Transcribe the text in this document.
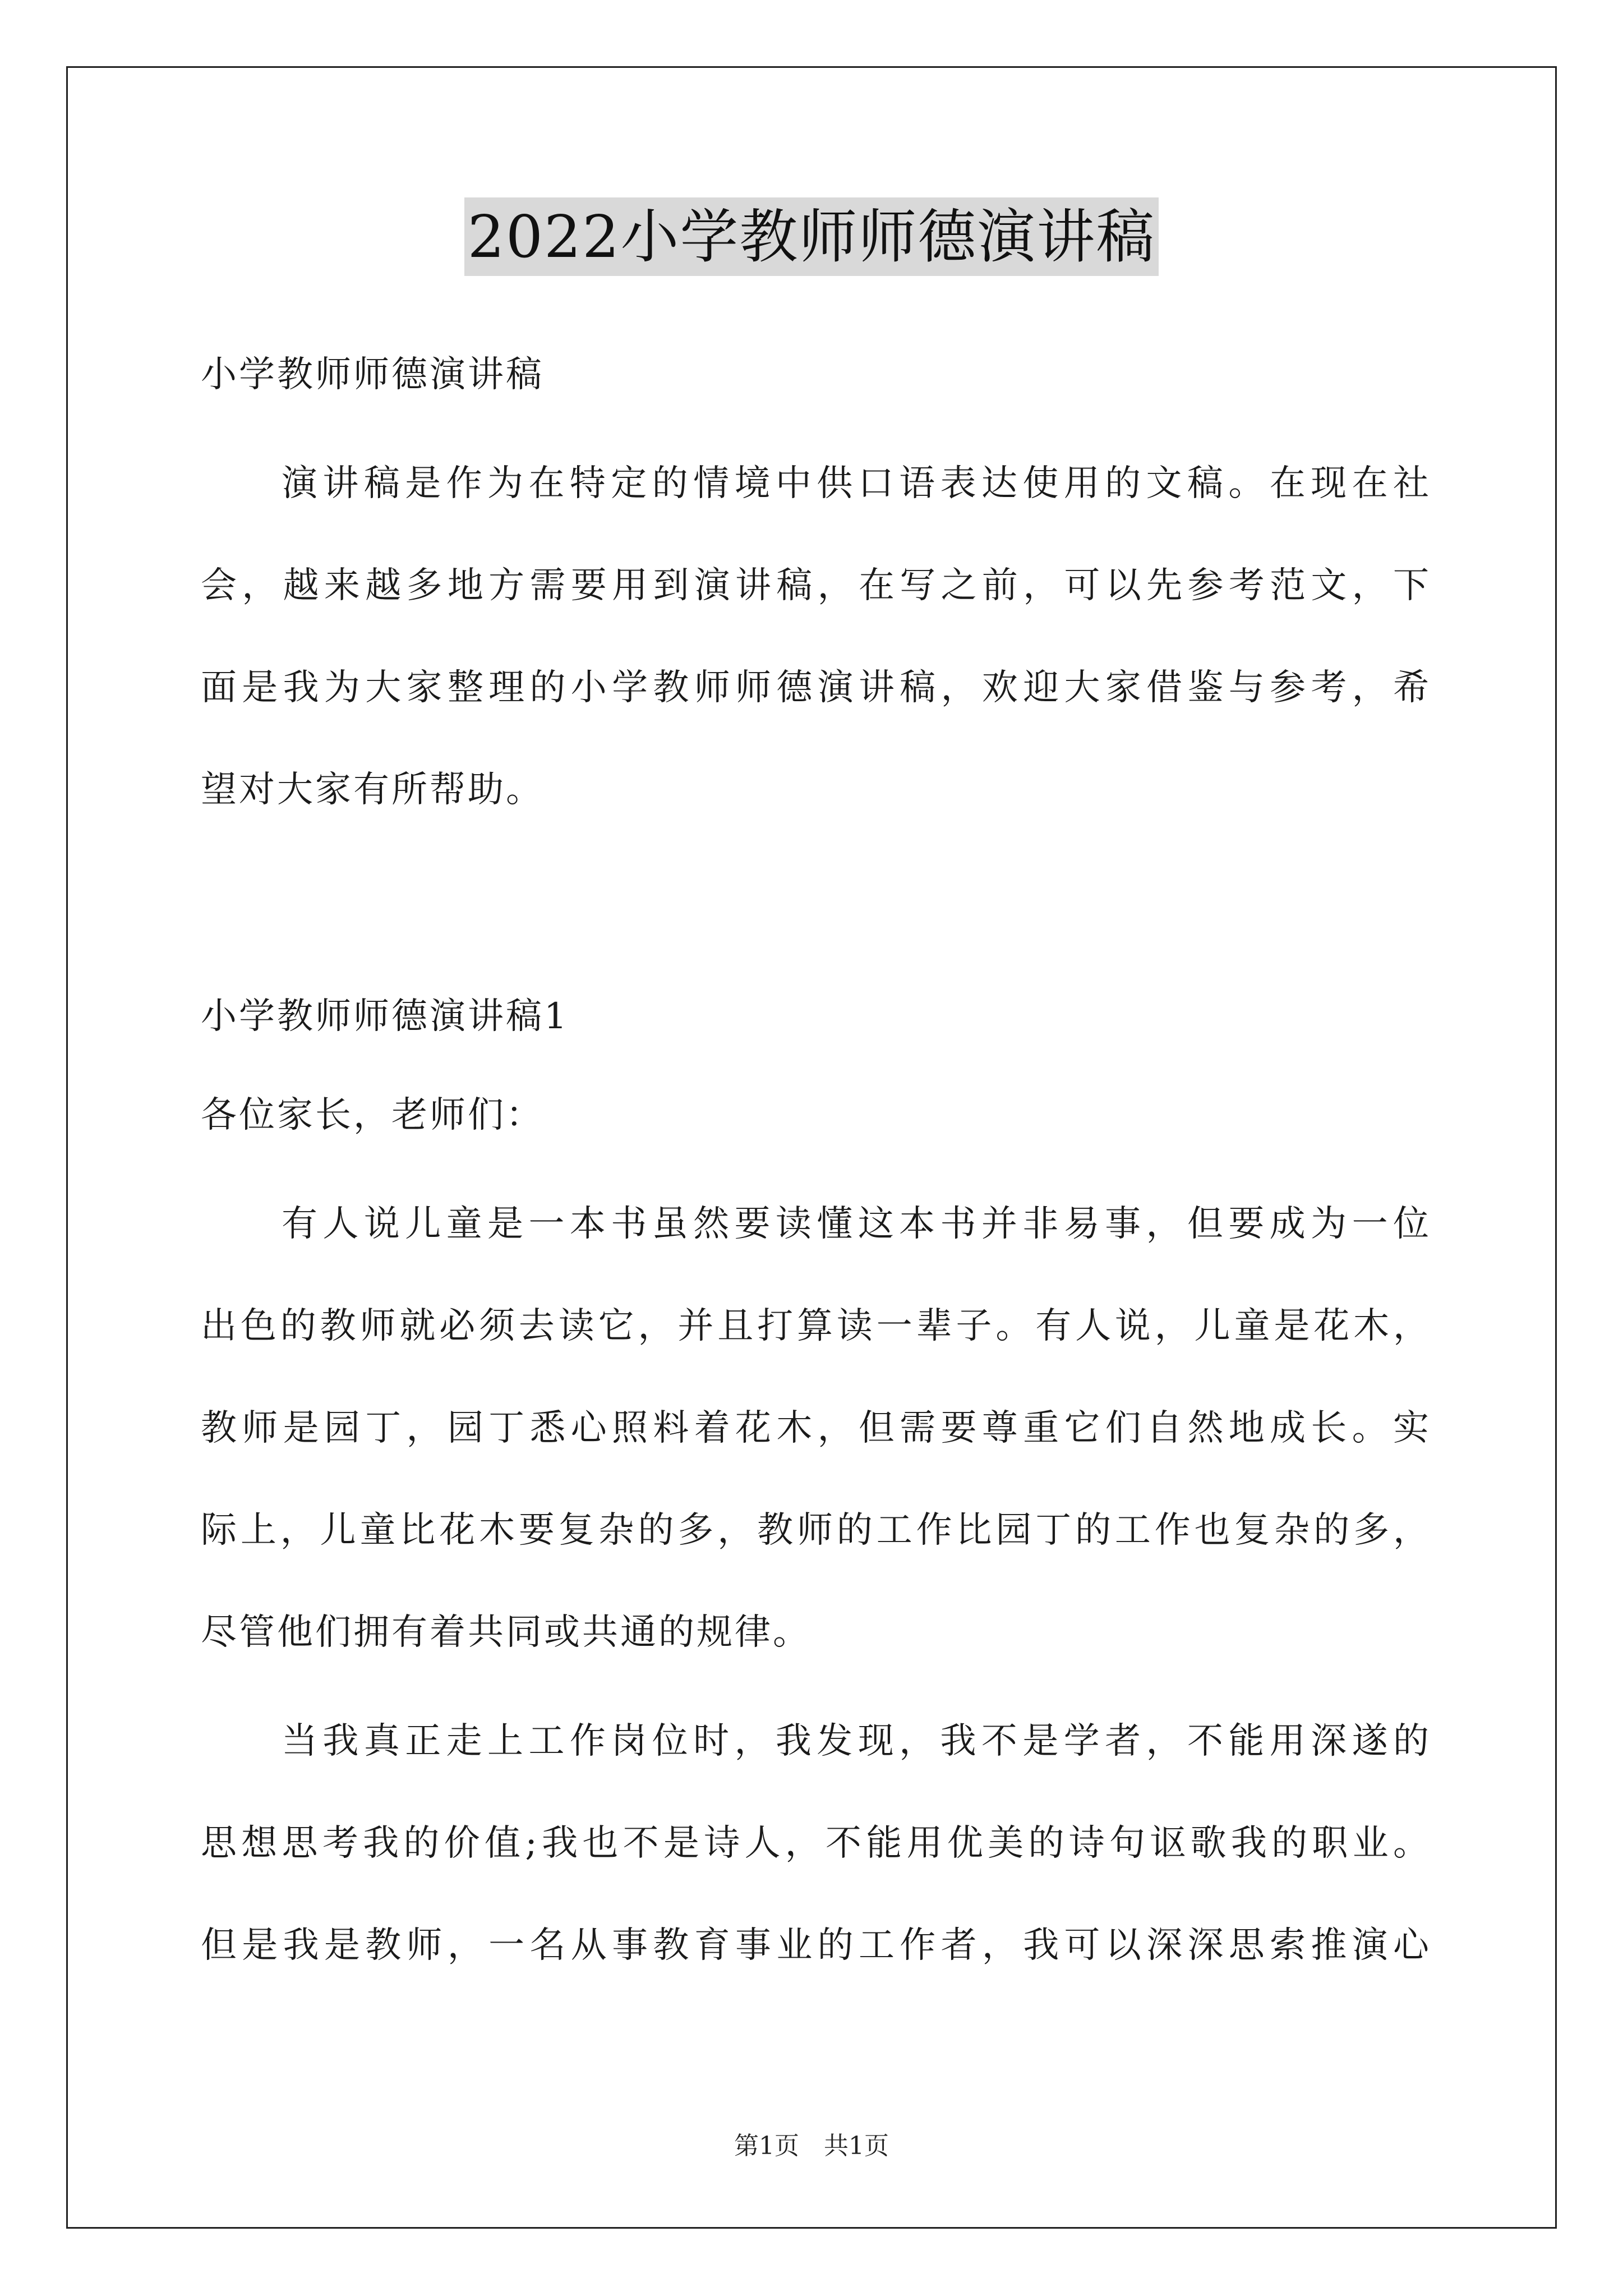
2022小学教师师德演讲稿
小学教师师德演讲稿
演讲稿是作为在特定的情境中供口语表达使用的文稿。在现在社
会，越来越多地方需要用到演讲稿，在写之前，可以先参考范文，下
面是我为大家整理的小学教师师德演讲稿，欢迎大家借鉴与参考，希
望对大家有所帮助。
小学教师师德演讲稿1
各位家长，老师们：
有人说儿童是一本书虽然要读懂这本书并非易事，但要成为一位
出色的教师就必须去读它，并且打算读一辈子。有人说，儿童是花木，
教师是园丁，园丁悉心照料着花木，但需要尊重它们自然地成长。实
际上，儿童比花木要复杂的多，教师的工作比园丁的工作也复杂的多，
尽管他们拥有着共同或共通的规律。
当我真正走上工作岗位时，我发现，我不是学者，不能用深遂的
思想思考我的价值;我也不是诗人，不能用优美的诗句讴歌我的职业。
但是我是教师，一名从事教育事业的工作者，我可以深深思索推演心
第1页 共1页
